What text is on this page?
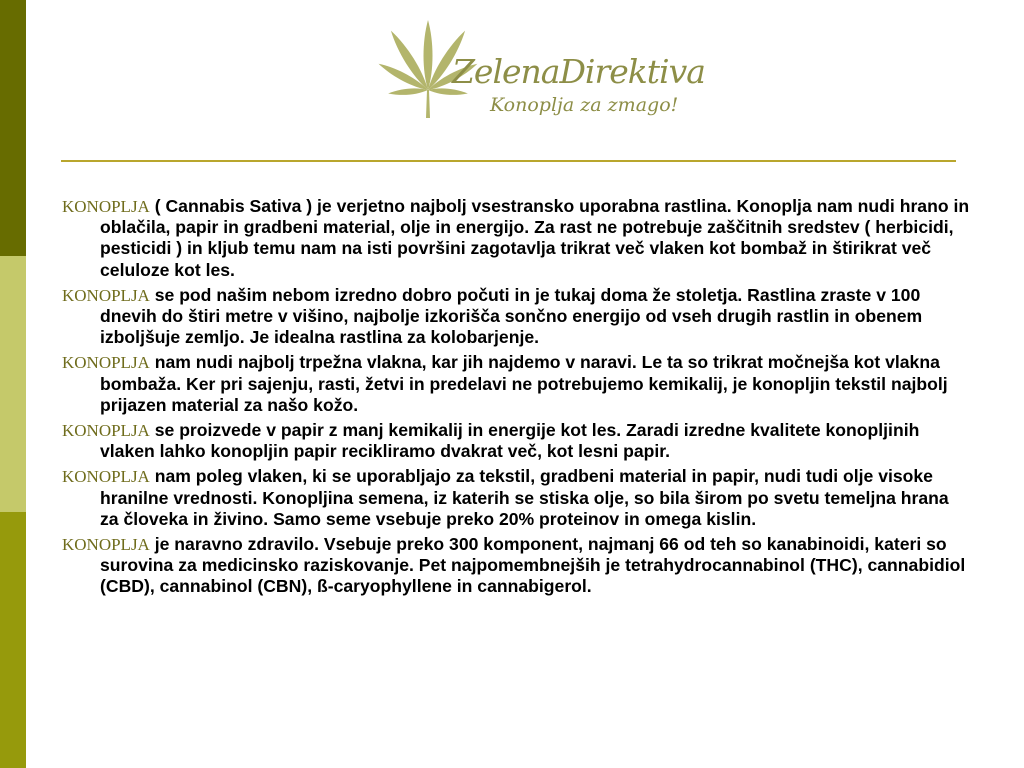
ZelenaDirektiva
Konoplja za zmago!

KONOPLJA ( Cannabis Sativa ) je verjetno najbolj vsestransko uporabna rastlina. Konoplja nam nudi hrano in oblačila, papir in gradbeni material, olje in energijo. Za rast ne potrebuje zaščitnih sredstev ( herbicidi, pesticidi ) in kljub temu nam na isti površini zagotavlja trikrat več vlaken kot bombaž in štirikrat več celuloze kot les.

KONOPLJA se pod našim nebom izredno dobro počuti in je tukaj doma že stoletja. Rastlina zraste v 100 dnevih do štiri metre v višino, najbolje izkorišča sončno energijo od vseh drugih rastlin in obenem izboljšuje zemljo. Je idealna rastlina za kolobarjenje.

KONOPLJA nam nudi najbolj trpežna vlakna, kar jih najdemo v naravi. Le ta so trikrat močnejša kot vlakna bombaža. Ker pri sajenju, rasti, žetvi in predelavi ne potrebujemo kemikalij, je konopljin tekstil najbolj prijazen material za našo kožo.

KONOPLJA se proizvede v papir z manj kemikalij in energije kot les. Zaradi izredne kvalitete konopljinih vlaken lahko konopljin papir recikliramo dvakrat več, kot lesni papir.

KONOPLJA nam poleg vlaken, ki se uporabljajo za tekstil, gradbeni material in papir, nudi tudi olje visoke hranilne vrednosti. Konopljina semena, iz katerih se stiska olje, so bila širom po svetu temeljna hrana za človeka in živino. Samo seme vsebuje preko 20% proteinov in omega kislin.

KONOPLJA je naravno zdravilo. Vsebuje preko 300 komponent, najmanj 66 od teh so kanabinoidi, kateri so surovina za medicinsko raziskovanje. Pet najpomembnejših je tetrahydrocannabinol (THC), cannabidiol (CBD), cannabinol (CBN), ß-caryophyllene in cannabigerol.
